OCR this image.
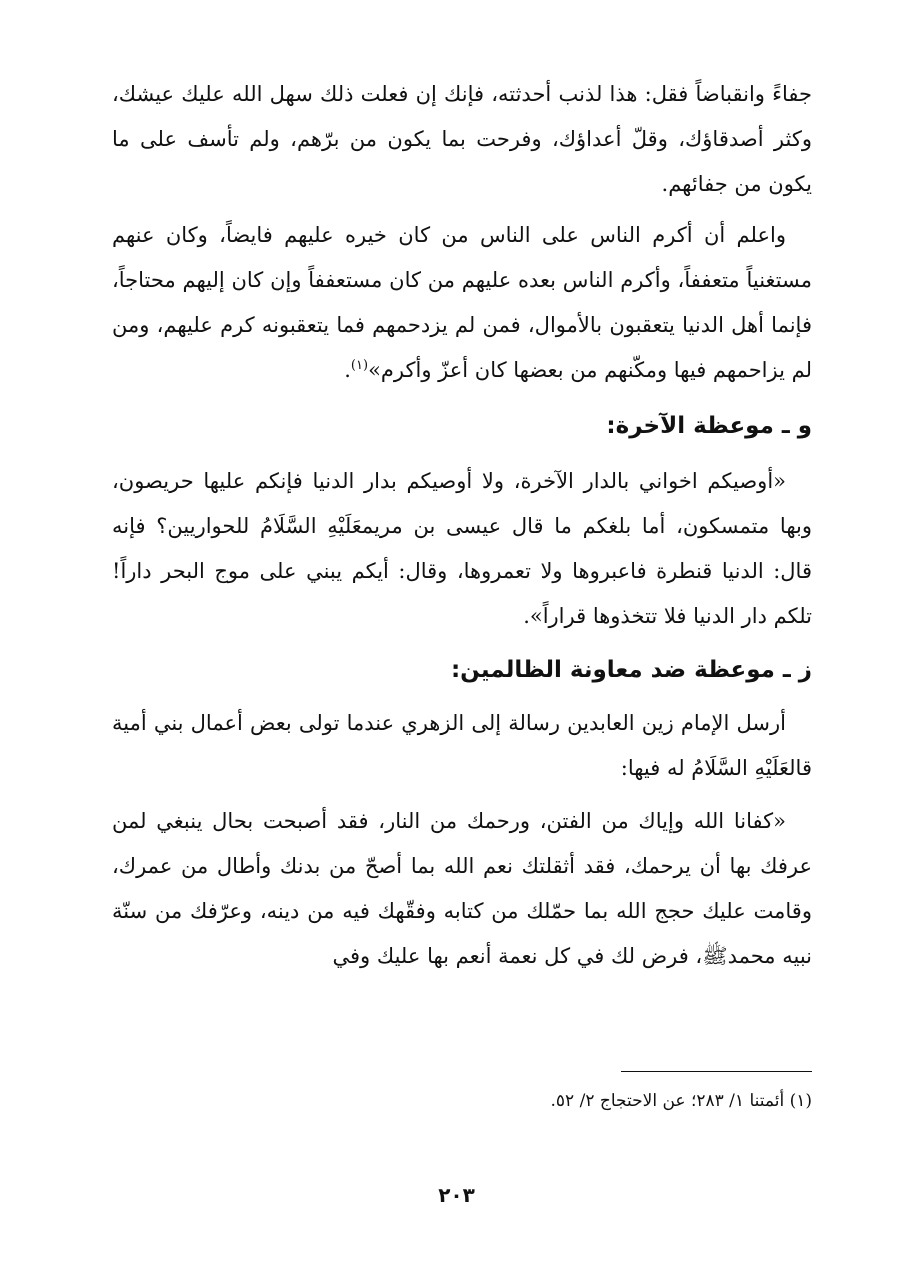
جفاءً وانقباضاً فقل: هذا لذنب أحدثته، فإنك إن فعلت ذلك سهل الله عليك عيشك، وكثر أصدقاؤك، وقلّ أعداؤك، وفرحت بما يكون من برّهم، ولم تأسف على ما يكون من جفائهم.

واعلم أن أكرم الناس على الناس من كان خيره عليهم فايضاً، وكان عنهم مستغنياً متعففاً، وأكرم الناس بعده عليهم من كان مستعففاً وإن كان إليهم محتاجاً، فإنما أهل الدنيا يتعقبون بالأموال، فمن لم يزدحمهم فما يتعقبونه كرم عليهم، ومن لم يزاحمهم فيها ومكّنهم من بعضها كان أعزّ وأكرم»$^{(١)}$.

و ـ موعظة الآخرة:

«أوصيكم اخواني بالدار الآخرة، ولا أوصيكم بدار الدنيا فإنكم عليها حريصون، وبها متمسكون، أما بلغكم ما قال عيسى بن مريمعَلَيْهِ السَّلَامُ للحواريين؟ فإنه قال: الدنيا قنطرة فاعبروها ولا تعمروها، وقال: أيكم يبني على موج البحر داراً! تلكم دار الدنيا فلا تتخذوها قراراً».

ز ـ موعظة ضد معاونة الظالمين:

أرسل الإمام زين العابدين رسالة إلى الزهري عندما تولى بعض أعمال بني أمية قالعَلَيْهِ السَّلَامُ له فيها:

«كفانا الله وإياك من الفتن، ورحمك من النار، فقد أصبحت بحال ينبغي لمن عرفك بها أن يرحمك، فقد أثقلتك نعم الله بما أصحّ من بدنك وأطال من عمرك، وقامت عليك حجج الله بما حمّلك من كتابه وفقّهك فيه من دينه، وعرّفك من سنّة نبيه محمدﷺ، فرض لك في كل نعمة أنعم بها عليك وفي

(١) أئمتنا ١/ ٢٨٣؛ عن الاحتجاج ٢/ ٥٢.

٢٠٣
